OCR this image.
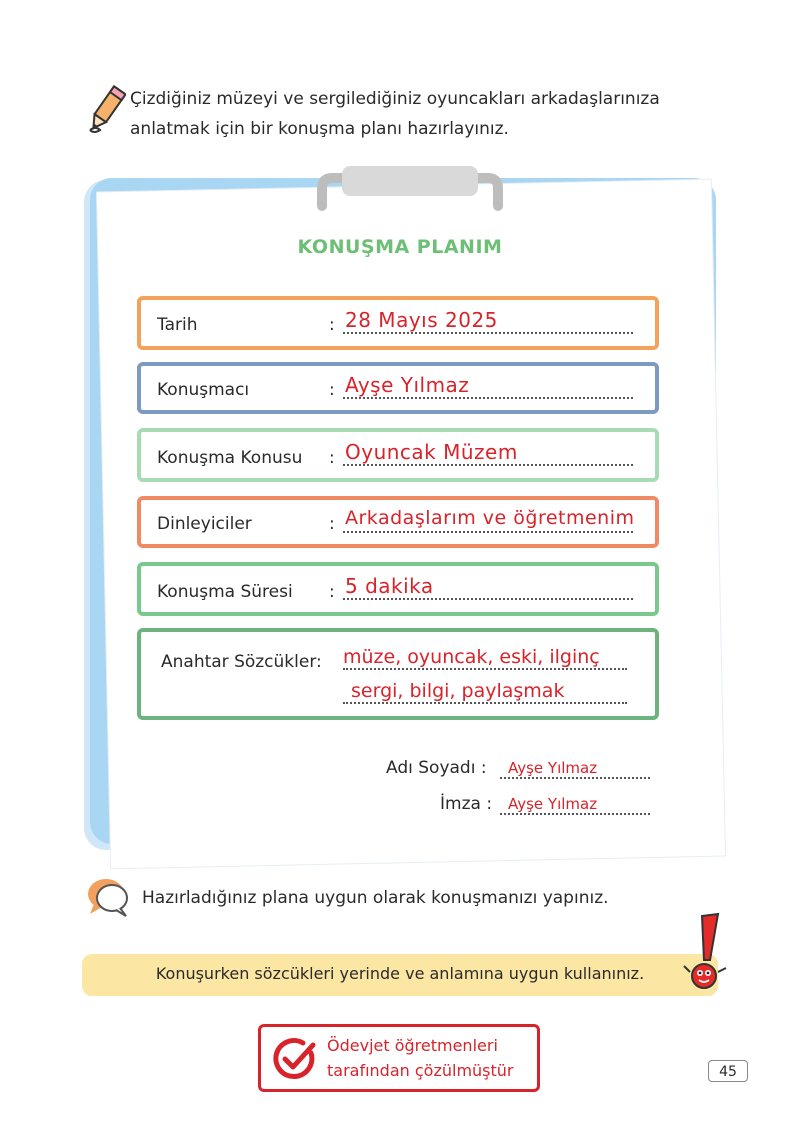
Çizdiğiniz müzeyi ve sergilediğiniz oyuncakları arkadaşlarınıza
anlatmak için bir konuşma planı hazırlayınız.
KONUŞMA PLANIM
Tarih	: 28 Mayıs 2025
Konuşmacı	: Ayşe Yılmaz
Konuşma Konusu : Oyuncak Müzem
Dinleyiciler	: Arkadaşlarım ve öğretmenim
Konuşma Süresi : 5 dakika
Anahtar Sözcükler: müze, oyuncak, eski, ilginç
sergi, bilgi, paylaşmak
Adı Soyadı : Ayşe Yılmaz
İmza : Ayşe Yılmaz
Hazırladığınız plana uygun olarak konuşmanızı yapınız.
Konuşurken sözcükleri yerinde ve anlamına uygun kullanınız.
Ödevjet öğretmenleri
tarafından çözülmüştür	45
